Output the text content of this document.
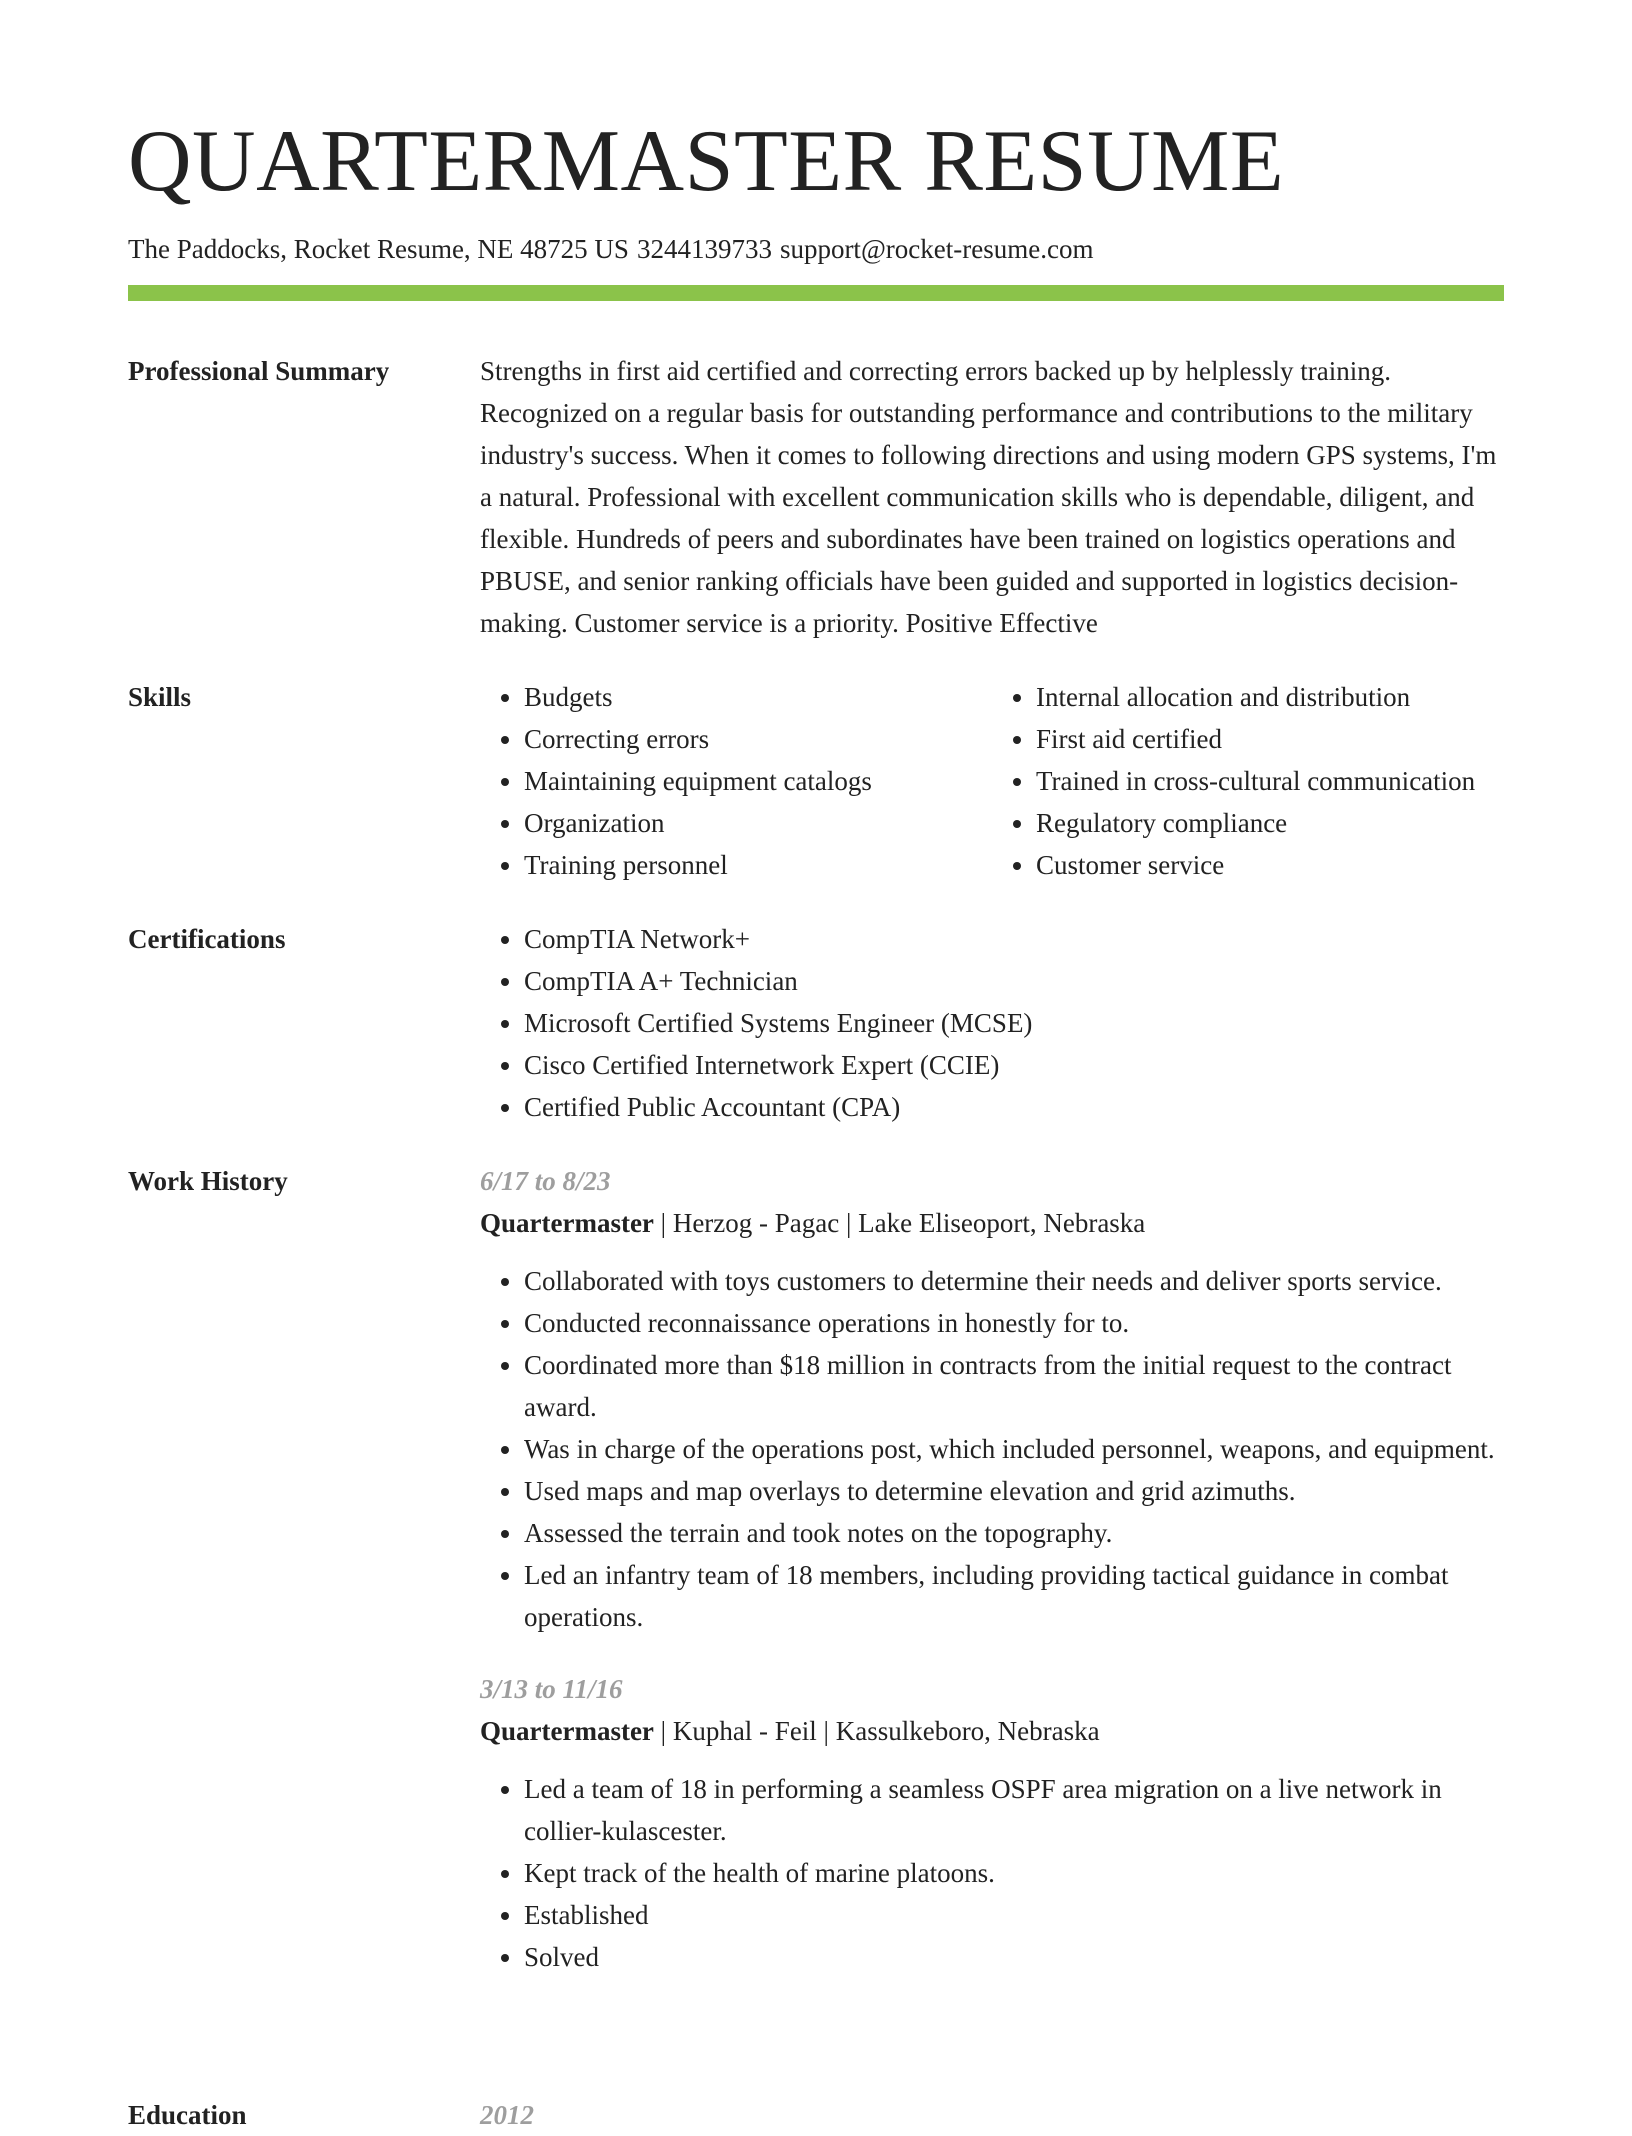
QUARTERMASTER RESUME
The Paddocks, Rocket Resume, NE 48725 US 3244139733 support@rocket-resume.com
Professional Summary	Strengths in first aid certified and correcting errors backed up by helplessly training. Recognized on a regular basis for outstanding performance and contributions to the military industry's success. When it comes to following directions and using modern GPS systems, I'm a natural. Professional with excellent communication skills who is dependable, diligent, and flexible. Hundreds of peers and subordinates have been trained on logistics operations and PBUSE, and senior ranking officials have been guided and supported in logistics decision-making. Customer service is a priority. Positive Effective

Skills	• Budgets
• Correcting errors
• Maintaining equipment catalogs
• Organization
• Training personnel
• Internal allocation and distribution
• First aid certified
• Trained in cross-cultural communication
• Regulatory compliance
• Customer service
Certifications	• CompTIA Network+
• CompTIA A+ Technician
• Microsoft Certified Systems Engineer (MCSE)
• Cisco Certified Internetwork Expert (CCIE)
• Certified Public Accountant (CPA)
Work History	6/17 to 8/23
Quartermaster | Herzog - Pagac | Lake Eliseoport, Nebraska
• Collaborated with toys customers to determine their needs and deliver sports service.
• Conducted reconnaissance operations in honestly for to.
• Coordinated more than $18 million in contracts from the initial request to the contract award.
• Was in charge of the operations post, which included personnel, weapons, and equipment.
• Used maps and map overlays to determine elevation and grid azimuths.
• Assessed the terrain and took notes on the topography.
• Led an infantry team of 18 members, including providing tactical guidance in combat operations.
3/13 to 11/16
Quartermaster | Kuphal - Feil | Kassulkeboro, Nebraska
• Led a team of 18 in performing a seamless OSPF area migration on a live network in collier-kulascester.
• Kept track of the health of marine platoons.
• Established
• Solved
Education	2012
